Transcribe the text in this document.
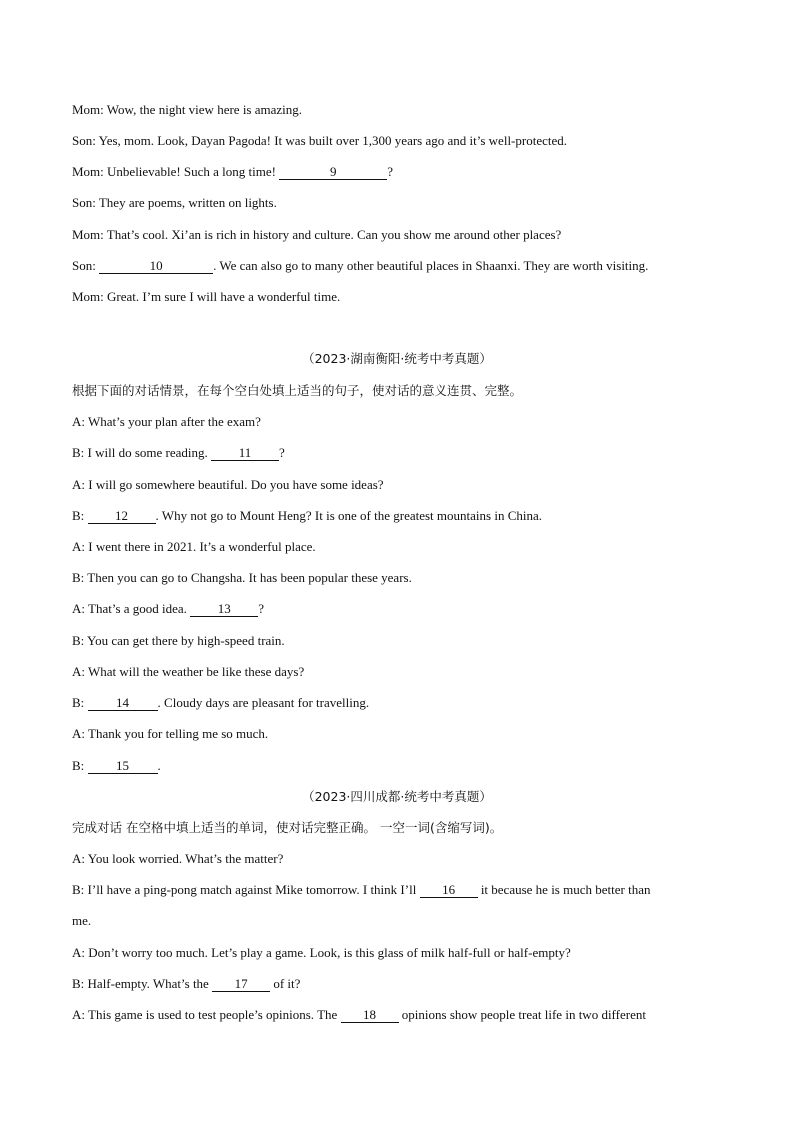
Mom: Wow, the night view here is amazing.
Son: Yes, mom. Look, Dayan Pagoda! It was built over 1,300 years ago and it’s well-protected.
Mom: Unbelievable! Such a long time!	9	?
Son: They are poems, written on lights.
Mom: That’s cool. Xi’an is rich in history and culture. Can you show me around other places?
Son:	10	. We can also go to many other beautiful places in Shaanxi. They are worth visiting.
Mom: Great. I’m sure I will have a wonderful time.
（2023·湖南衡阳·统考中考真题）
根据下面的对话情景，在每个空白处填上适当的句子，使对话的意义连贯、完整。
A: What’s your plan after the exam?
B: I will do some reading. 11 ?
A: I will go somewhere beautiful. Do you have some ideas?
B: 12 . Why not go to Mount Heng? It is one of the greatest mountains in China.
A: I went there in 2021. It’s a wonderful place.
B: Then you can go to Changsha. It has been popular these years.
A: That’s a good idea. 13 ?
B: You can get there by high-speed train.
A: What will the weather be like these days?
B: 14 . Cloudy days are pleasant for travelling.
A: Thank you for telling me so much.
B: 15 .
（2023·四川成都·统考中考真题）
完成对话 在空格中填上适当的单词，使对话完整正确。 一空一词(含缩写词)。
A: You look worried. What’s the matter?
B: I’ll have a ping-pong match against Mike tomorrow. I think I’ll 16 it because he is much better than
me.
A: Don’t worry too much. Let’s play a game. Look, is this glass of milk half-full or half-empty?
B: Half-empty. What’s the 17 of it?
A: This game is used to test people’s opinions. The 18 opinions show people treat life in two different
